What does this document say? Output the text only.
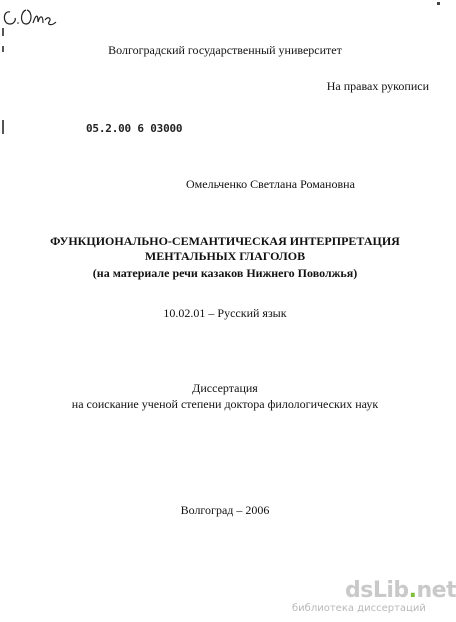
Волгоградский государственный университет
На правах рукописи
05.2.00 6 03000
Омельченко Светлана Романовна
ФУНКЦИОНАЛЬНО-СЕМАНТИЧЕСКАЯ ИНТЕРПРЕТАЦИЯ
МЕНТАЛЬНЫХ ГЛАГОЛОВ
(на материале речи казаков Нижнего Поволжья)
10.02.01 – Русский язык
Диссертация
на соискание ученой степени доктора филологических наук
Волгоград – 2006
dsLib.net
библиотека диссертаций
